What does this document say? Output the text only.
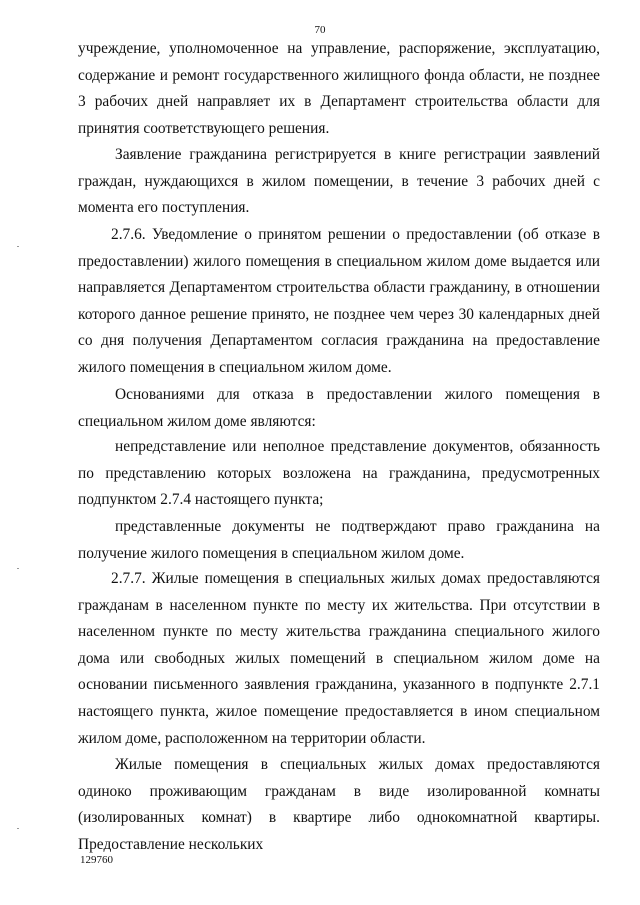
70

учреждение, уполномоченное на управление, распоряжение, эксплуатацию, содержание и ремонт государственного жилищного фонда области, не позднее 3 рабочих дней направляет их в Департамент строительства области для принятия соответствующего решения.

Заявление гражданина регистрируется в книге регистрации заявлений граждан, нуждающихся в жилом помещении, в течение 3 рабочих дней с момента его поступления.

2.7.6. Уведомление о принятом решении о предоставлении (об отказе в предоставлении) жилого помещения в специальном жилом доме выдается или направляется Департаментом строительства области гражданину, в отношении которого данное решение принято, не позднее чем через 30 календарных дней со дня получения Департаментом согласия гражданина на предоставление жилого помещения в специальном жилом доме.

Основаниями для отказа в предоставлении жилого помещения в специальном жилом доме являются:

непредставление или неполное представление документов, обязанность по представлению которых возложена на гражданина, предусмотренных подпунктом 2.7.4 настоящего пункта;

представленные документы не подтверждают право гражданина на получение жилого помещения в специальном жилом доме.

2.7.7. Жилые помещения в специальных жилых домах предоставляются гражданам в населенном пункте по месту их жительства. При отсутствии в населенном пункте по месту жительства гражданина специального жилого дома или свободных жилых помещений в специальном жилом доме на основании письменного заявления гражданина, указанного в подпункте 2.7.1 настоящего пункта, жилое помещение предоставляется в ином специальном жилом доме, расположенном на территории области.

Жилые помещения в специальных жилых домах предоставляются одиноко проживающим гражданам в виде изолированной комнаты (изолированных комнат) в квартире либо однокомнатной квартиры. Предоставление нескольких

129760
